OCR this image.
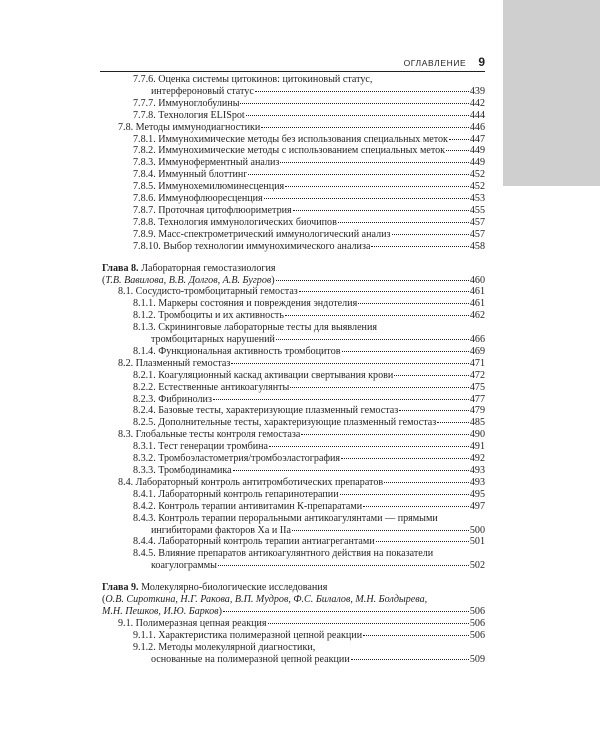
ОГЛАВЛЕНИЕ 9
7.7.6. Оценка системы цитокинов: цитокиновый статус,
интерфероновый статус	439
7.7.7. Иммуноглобулины	442
7.7.8. Технология ELISpot	444
7.8. Методы иммунодиагностики	446
7.8.1. Иммунохимические методы без использования специальных меток 447
7.8.2. Иммунохимические методы с использованием специальных меток 449
7.8.3. Иммуноферментный анализ	449
7.8.4. Иммунный блоттинг	452
7.8.5. Иммунохемилюминесценция	452
7.8.6. Иммунофлюоресценция	453
7.8.7. Проточная цитофлюориметрия	455
7.8.8. Технология иммунологических биочипов	457
7.8.9. Масс-спектрометрический иммунологический анализ	457
7.8.10. Выбор технологии иммунохимического анализа	458
Глава 8. Лабораторная гемостазиология
(Т.В. Вавилова, В.В. Долгов, А.В. Бугров)	460
8.1. Сосудисто-тромбоцитарный гемостаз	461
8.1.1. Маркеры состояния и повреждения эндотелия	461
8.1.2. Тромбоциты и их активность	462
8.1.3. Скрининговые лабораторные тесты для выявления
тромбоцитарных нарушений	466
8.1.4. Функциональная активность тромбоцитов	469
8.2. Плазменный гемостаз	471
8.2.1. Коагуляционный каскад активации свертывания крови	472
8.2.2. Естественные антикоагулянты	475
8.2.3. Фибринолиз	477
8.2.4. Базовые тесты, характеризующие плазменный гемостаз	479
8.2.5. Дополнительные тесты, характеризующие плазменный гемостаз	485
8.3. Глобальные тесты контроля гемостаза	490
8.3.1. Тест генерации тромбина	491
8.3.2. Тромбоэластометрия/тромбоэластография	492
8.3.3. Тромбодинамика	493
8.4. Лабораторный контроль антитромботических препаратов	493
8.4.1. Лабораторный контроль гепаринотерапии	495
8.4.2. Контроль терапии антивитамин К-препаратами	497
8.4.3. Контроль терапии пероральными антикоагулянтами — прямыми
ингибиторами факторов Xa и IIa	500
8.4.4. Лабораторный контроль терапии антиагрегантами	501
8.4.5. Влияние препаратов антикоагулянтного действия на показатели
коагулограммы	502
Глава 9. Молекулярно-биологические исследования
(О.В. Сироткина, Н.Г. Ракова, В.П. Мудров, Ф.С. Билалов, М.Н. Болдырева,
М.Н. Пешков, И.Ю. Барков)	506
9.1. Полимеразная цепная реакция	506
9.1.1. Характеристика полимеразной цепной реакции	506
9.1.2. Методы молекулярной диагностики,
основанные на полимеразной цепной реакции	509
